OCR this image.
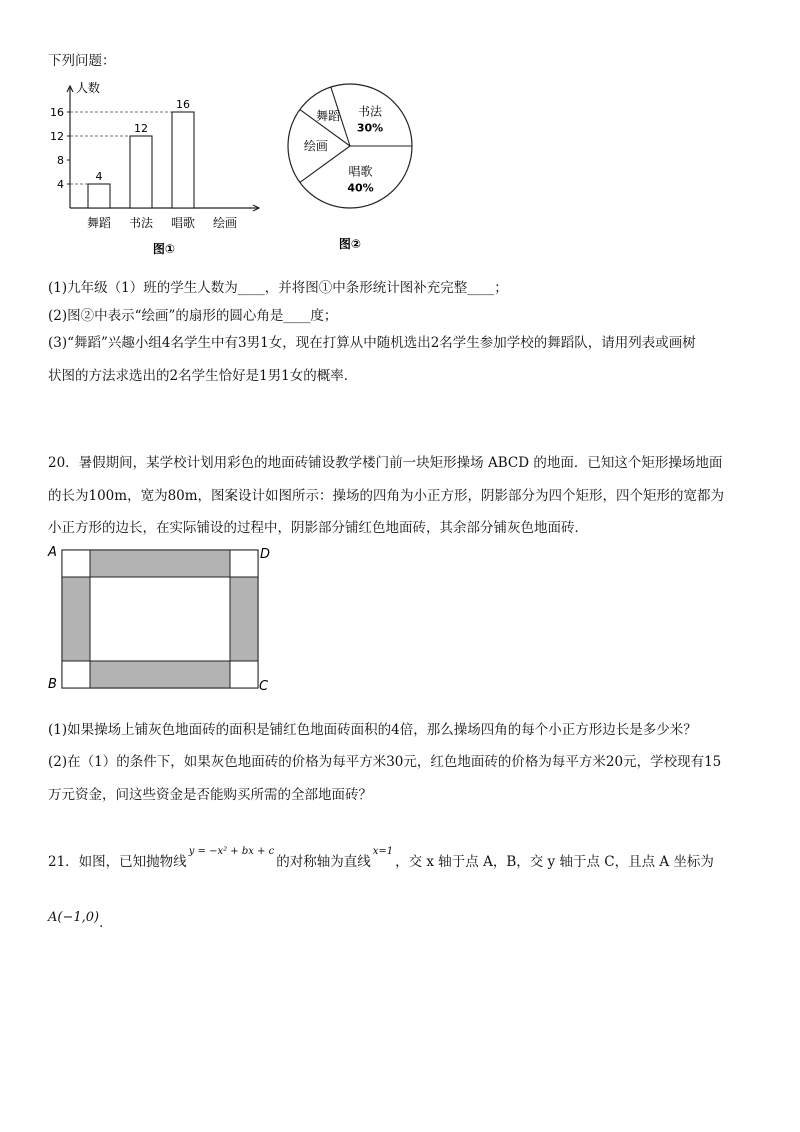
下列问题：
人数
4
8
12
16
4
舞蹈
12
书法
16
唱歌 绘画
图①
书法
30%
唱歌
40%
绘画
舞蹈
图②
(1)九年级（1）班的学生人数为____，并将图①中条形统计图补充完整____；
(2)图②中表示“绘画”的扇形的圆心角是____度；
(3)“舞蹈”兴趣小组4名学生中有3男1女，现在打算从中随机选出2名学生参加学校的舞蹈队，请用列表或画树
状图的方法求选出的2名学生恰好是1男1女的概率．
20．暑假期间，某学校计划用彩色的地面砖铺设教学楼门前一块矩形操场 ABCD 的地面．已知这个矩形操场地面
的长为100m，宽为80m，图案设计如图所示：操场的四角为小正方形，阴影部分为四个矩形，四个矩形的宽都为
小正方形的边长，在实际铺设的过程中，阴影部分铺红色地面砖，其余部分铺灰色地面砖．
A	D
B	C
(1)如果操场上铺灰色地面砖的面积是铺红色地面砖面积的4倍，那么操场四角的每个小正方形边长是多少米？
(2)在（1）的条件下，如果灰色地面砖的价格为每平方米30元，红色地面砖的价格为每平方米20元，学校现有15
万元资金，问这些资金是否能购买所需的全部地面砖？
21．如图，已知抛物线$^{y = -x^2 + bx + c}$的对称轴为直线$^{x=1}$，交 x 轴于点 A，B，交 y 轴于点 C，且点 A 坐标为
A(−1,0).
